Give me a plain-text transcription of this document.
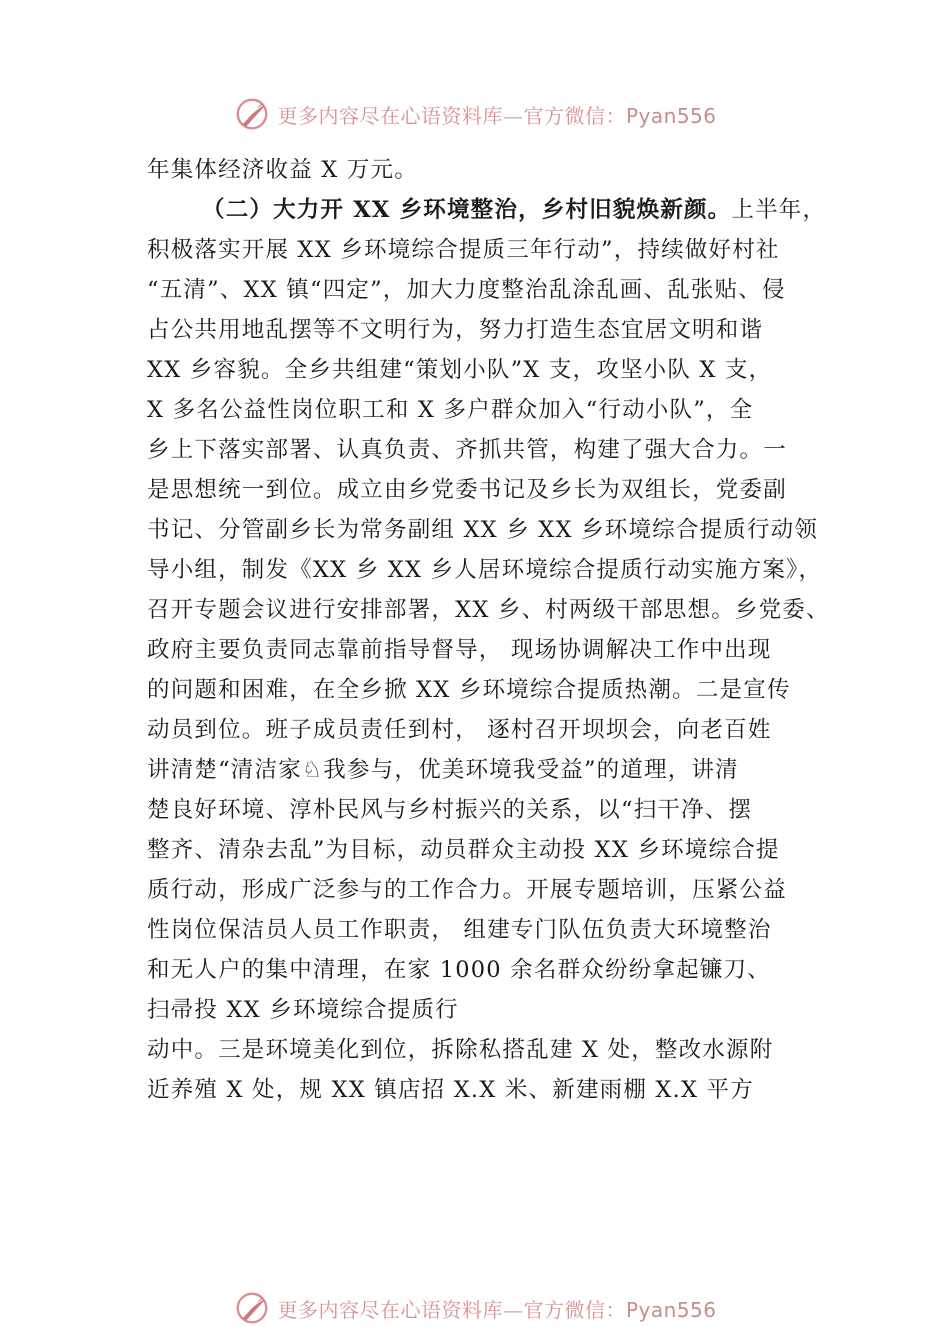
更多内容尽在心语资料库—官方微信：Pyan556
年集体经济收益 X 万元。
（二）大力开 XX 乡环境整治，乡村旧貌焕新颜。上半年，
积极落实开展 XX 乡环境综合提质三年行动”，持续做好村社
“五清”、XX 镇“四定”，加大力度整治乱涂乱画、乱张贴、侵
占公共用地乱摆等不文明行为，努力打造生态宜居文明和谐
XX 乡容貌。全乡共组建“策划小队”X 支，攻坚小队 X 支，
X 多名公益性岗位职工和 X 多户群众加入“行动小队”，全
乡上下落实部署、认真负责、齐抓共管，构建了强大合力。一
是思想统一到位。成立由乡党委书记及乡长为双组长，党委副
书记、分管副乡长为常务副组 XX 乡 XX 乡环境综合提质行动领
导小组，制发《XX 乡 XX 乡人居环境综合提质行动实施方案》，
召开专题会议进行安排部署，XX 乡、村两级干部思想。乡党委、
政府主要负责同志靠前指导督导， 现场协调解决工作中出现
的问题和困难，在全乡掀 XX 乡环境综合提质热潮。二是宣传
动员到位。班子成员责任到村， 逐村召开坝坝会，向老百姓
讲清楚“清洁家♘我参与，优美环境我受益”的道理，讲清
楚良好环境、淳朴民风与乡村振兴的关系，以“扫干净、摆
整齐、清杂去乱”为目标，动员群众主动投 XX 乡环境综合提
质行动，形成广泛参与的工作合力。开展专题培训，压紧公益
性岗位保洁员人员工作职责， 组建专门队伍负责大环境整治
和无人户的集中清理，在家 1000 余名群众纷纷拿起镰刀、
扫帚投 XX 乡环境综合提质行
动中。三是环境美化到位，拆除私搭乱建 X 处，整改水源附
近养殖 X 处，规 XX 镇店招 X.X 米、新建雨棚 X.X 平方
更多内容尽在心语资料库—官方微信：Pyan556
